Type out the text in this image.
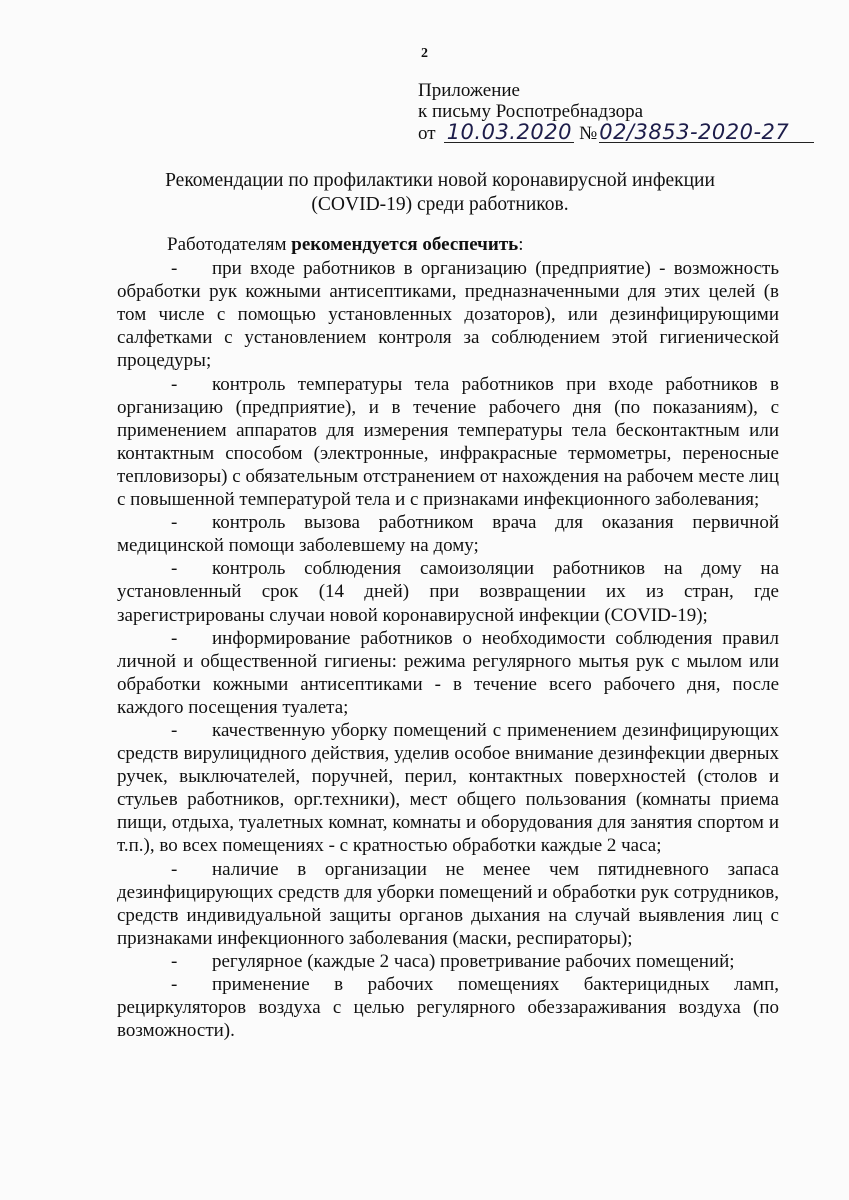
2
Приложение
к письму Роспотребнадзора
от 10.03.2020 №02/3853-2020-27
Рекомендации по профилактики новой коронавирусной инфекции
(COVID-19) среди работников.

Работодателям рекомендуется обеспечить:

- при входе работников в организацию (предприятие) - возможность обработки рук кожными антисептиками, предназначенными для этих целей (в том числе с помощью установленных дозаторов), или дезинфицирующими салфетками с установлением контроля за соблюдением этой гигиенической процедуры;

- контроль температуры тела работников при входе работников в организацию (предприятие), и в течение рабочего дня (по показаниям), с применением аппаратов для измерения температуры тела бесконтактным или контактным способом (электронные, инфракрасные термометры, переносные тепловизоры) с обязательным отстранением от нахождения на рабочем месте лиц с повышенной температурой тела и с признаками инфекционного заболевания;

- контроль вызова работником врача для оказания первичной медицинской помощи заболевшему на дому;

- контроль соблюдения самоизоляции работников на дому на установленный срок (14 дней) при возвращении их из стран, где зарегистрированы случаи новой коронавирусной инфекции (COVID-19);

- информирование работников о необходимости соблюдения правил личной и общественной гигиены: режима регулярного мытья рук с мылом или обработки кожными антисептиками - в течение всего рабочего дня, после каждого посещения туалета;

- качественную уборку помещений с применением дезинфицирующих средств вирулицидного действия, уделив особое внимание дезинфекции дверных ручек, выключателей, поручней, перил, контактных поверхностей (столов и стульев работников, орг.техники), мест общего пользования (комнаты приема пищи, отдыха, туалетных комнат, комнаты и оборудования для занятия спортом и т.п.), во всех помещениях - с кратностью обработки каждые 2 часа;

- наличие в организации не менее чем пятидневного запаса дезинфицирующих средств для уборки помещений и обработки рук сотрудников, средств индивидуальной защиты органов дыхания на случай выявления лиц с признаками инфекционного заболевания (маски, респираторы);

- регулярное (каждые 2 часа) проветривание рабочих помещений;

- применение в рабочих помещениях бактерицидных ламп, рециркуляторов воздуха с целью регулярного обеззараживания воздуха (по возможности).
